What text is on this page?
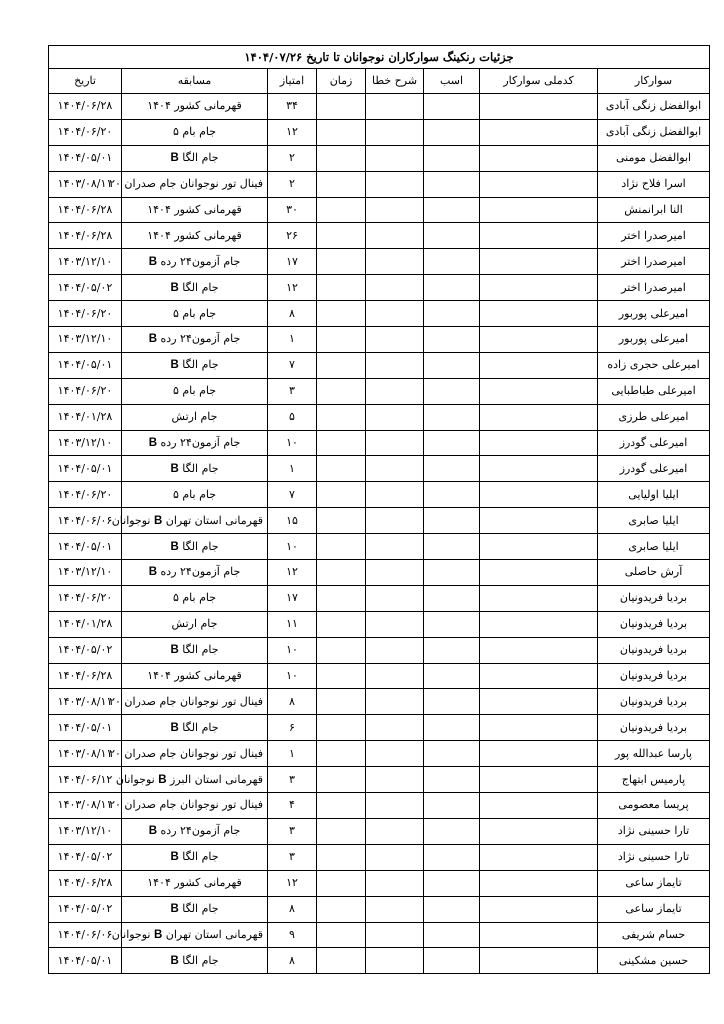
جزئیات رنکینگ سوارکاران نوجوانان تا تاریخ ۱۴۰۴/۰۷/۲۶							
سوارکار	کدملی سوارکار	اسب	شرح خطا	زمان	امتیاز	مسابقه	تاریخ
ابوالفضل زنگی آبادی					۳۴	قهرمانی کشور ۱۴۰۴	۱۴۰۴/۰۶/۲۸
ابوالفضل زنگی آبادی					۱۲	جام بام ۵	۱۴۰۴/۰۶/۲۰
ابوالفضل مومنی					۲	جام الگا B	۱۴۰۴/۰۵/۰۱
اسرا فلاح نژاد					۲	فینال تور نوجوانان جام صدران ۲۰	۱۴۰۳/۰۸/۱۱
النا ابرانمنش					۳۰	قهرمانی کشور ۱۴۰۴	۱۴۰۴/۰۶/۲۸
امیرصدرا اختر					۲۶	قهرمانی کشور ۱۴۰۴	۱۴۰۴/۰۶/۲۸
امیرصدرا اختر					۱۷	جام آزمون۲۴ رده B	۱۴۰۳/۱۲/۱۰
امیرصدرا اختر					۱۲	جام الگا B	۱۴۰۴/۰۵/۰۲
امیرعلی پوربور					۸	جام بام ۵	۱۴۰۴/۰۶/۲۰
امیرعلی پوربور					۱	جام آزمون۲۴ رده B	۱۴۰۳/۱۲/۱۰
امیرعلی حجری زاده					۷	جام الگا B	۱۴۰۴/۰۵/۰۱
امیرعلی طباطبایی					۳	جام بام ۵	۱۴۰۴/۰۶/۲۰
امیرعلی طرزی					۵	جام ارتش	۱۴۰۴/۰۱/۲۸
امیرعلی گودرز					۱۰	جام آزمون۲۴ رده B	۱۴۰۳/۱۲/۱۰
امیرعلی گودرز					۱	جام الگا B	۱۴۰۴/۰۵/۰۱
ایلیا اولیایی					۷	جام بام ۵	۱۴۰۴/۰۶/۲۰
ایلیا صابری					۱۵	قهرمانی استان تهران B نوجوانان	۱۴۰۴/۰۶/۰۶
ایلیا صابری					۱۰	جام الگا B	۱۴۰۴/۰۵/۰۱
آرش حاصلی					۱۲	جام آزمون۲۴ رده B	۱۴۰۳/۱۲/۱۰
بردیا فریدونیان					۱۷	جام بام ۵	۱۴۰۴/۰۶/۲۰
بردیا فریدونیان					۱۱	جام ارتش	۱۴۰۴/۰۱/۲۸
بردیا فریدونیان					۱۰	جام الگا B	۱۴۰۴/۰۵/۰۲
بردیا فریدونیان					۱۰	قهرمانی کشور ۱۴۰۴	۱۴۰۴/۰۶/۲۸
بردیا فریدونیان					۸	فینال تور نوجوانان جام صدران ۲۰	۱۴۰۳/۰۸/۱۱
بردیا فریدونیان					۶	جام الگا B	۱۴۰۴/۰۵/۰۱
پارسا عبدالله پور					۱	فینال تور نوجوانان جام صدران ۲۰	۱۴۰۳/۰۸/۱۱
پارمیس ابتهاج					۳	قهرمانی استان البرز B نوجوانان	۱۴۰۴/۰۶/۱۲
پریسا معصومی					۴	فینال تور نوجوانان جام صدران ۲۰	۱۴۰۳/۰۸/۱۱
تارا حسینی نژاد					۳	جام آزمون۲۴ رده B	۱۴۰۳/۱۲/۱۰
تارا حسینی نژاد					۳	جام الگا B	۱۴۰۴/۰۵/۰۲
تایماز ساعی					۱۲	قهرمانی کشور ۱۴۰۴	۱۴۰۴/۰۶/۲۸
تایماز ساعی					۸	جام الگا B	۱۴۰۴/۰۵/۰۲
حسام شریفی					۹	قهرمانی استان تهران B نوجوانان	۱۴۰۴/۰۶/۰۶
حسین مشکینی					۸	جام الگا B	۱۴۰۴/۰۵/۰۱
